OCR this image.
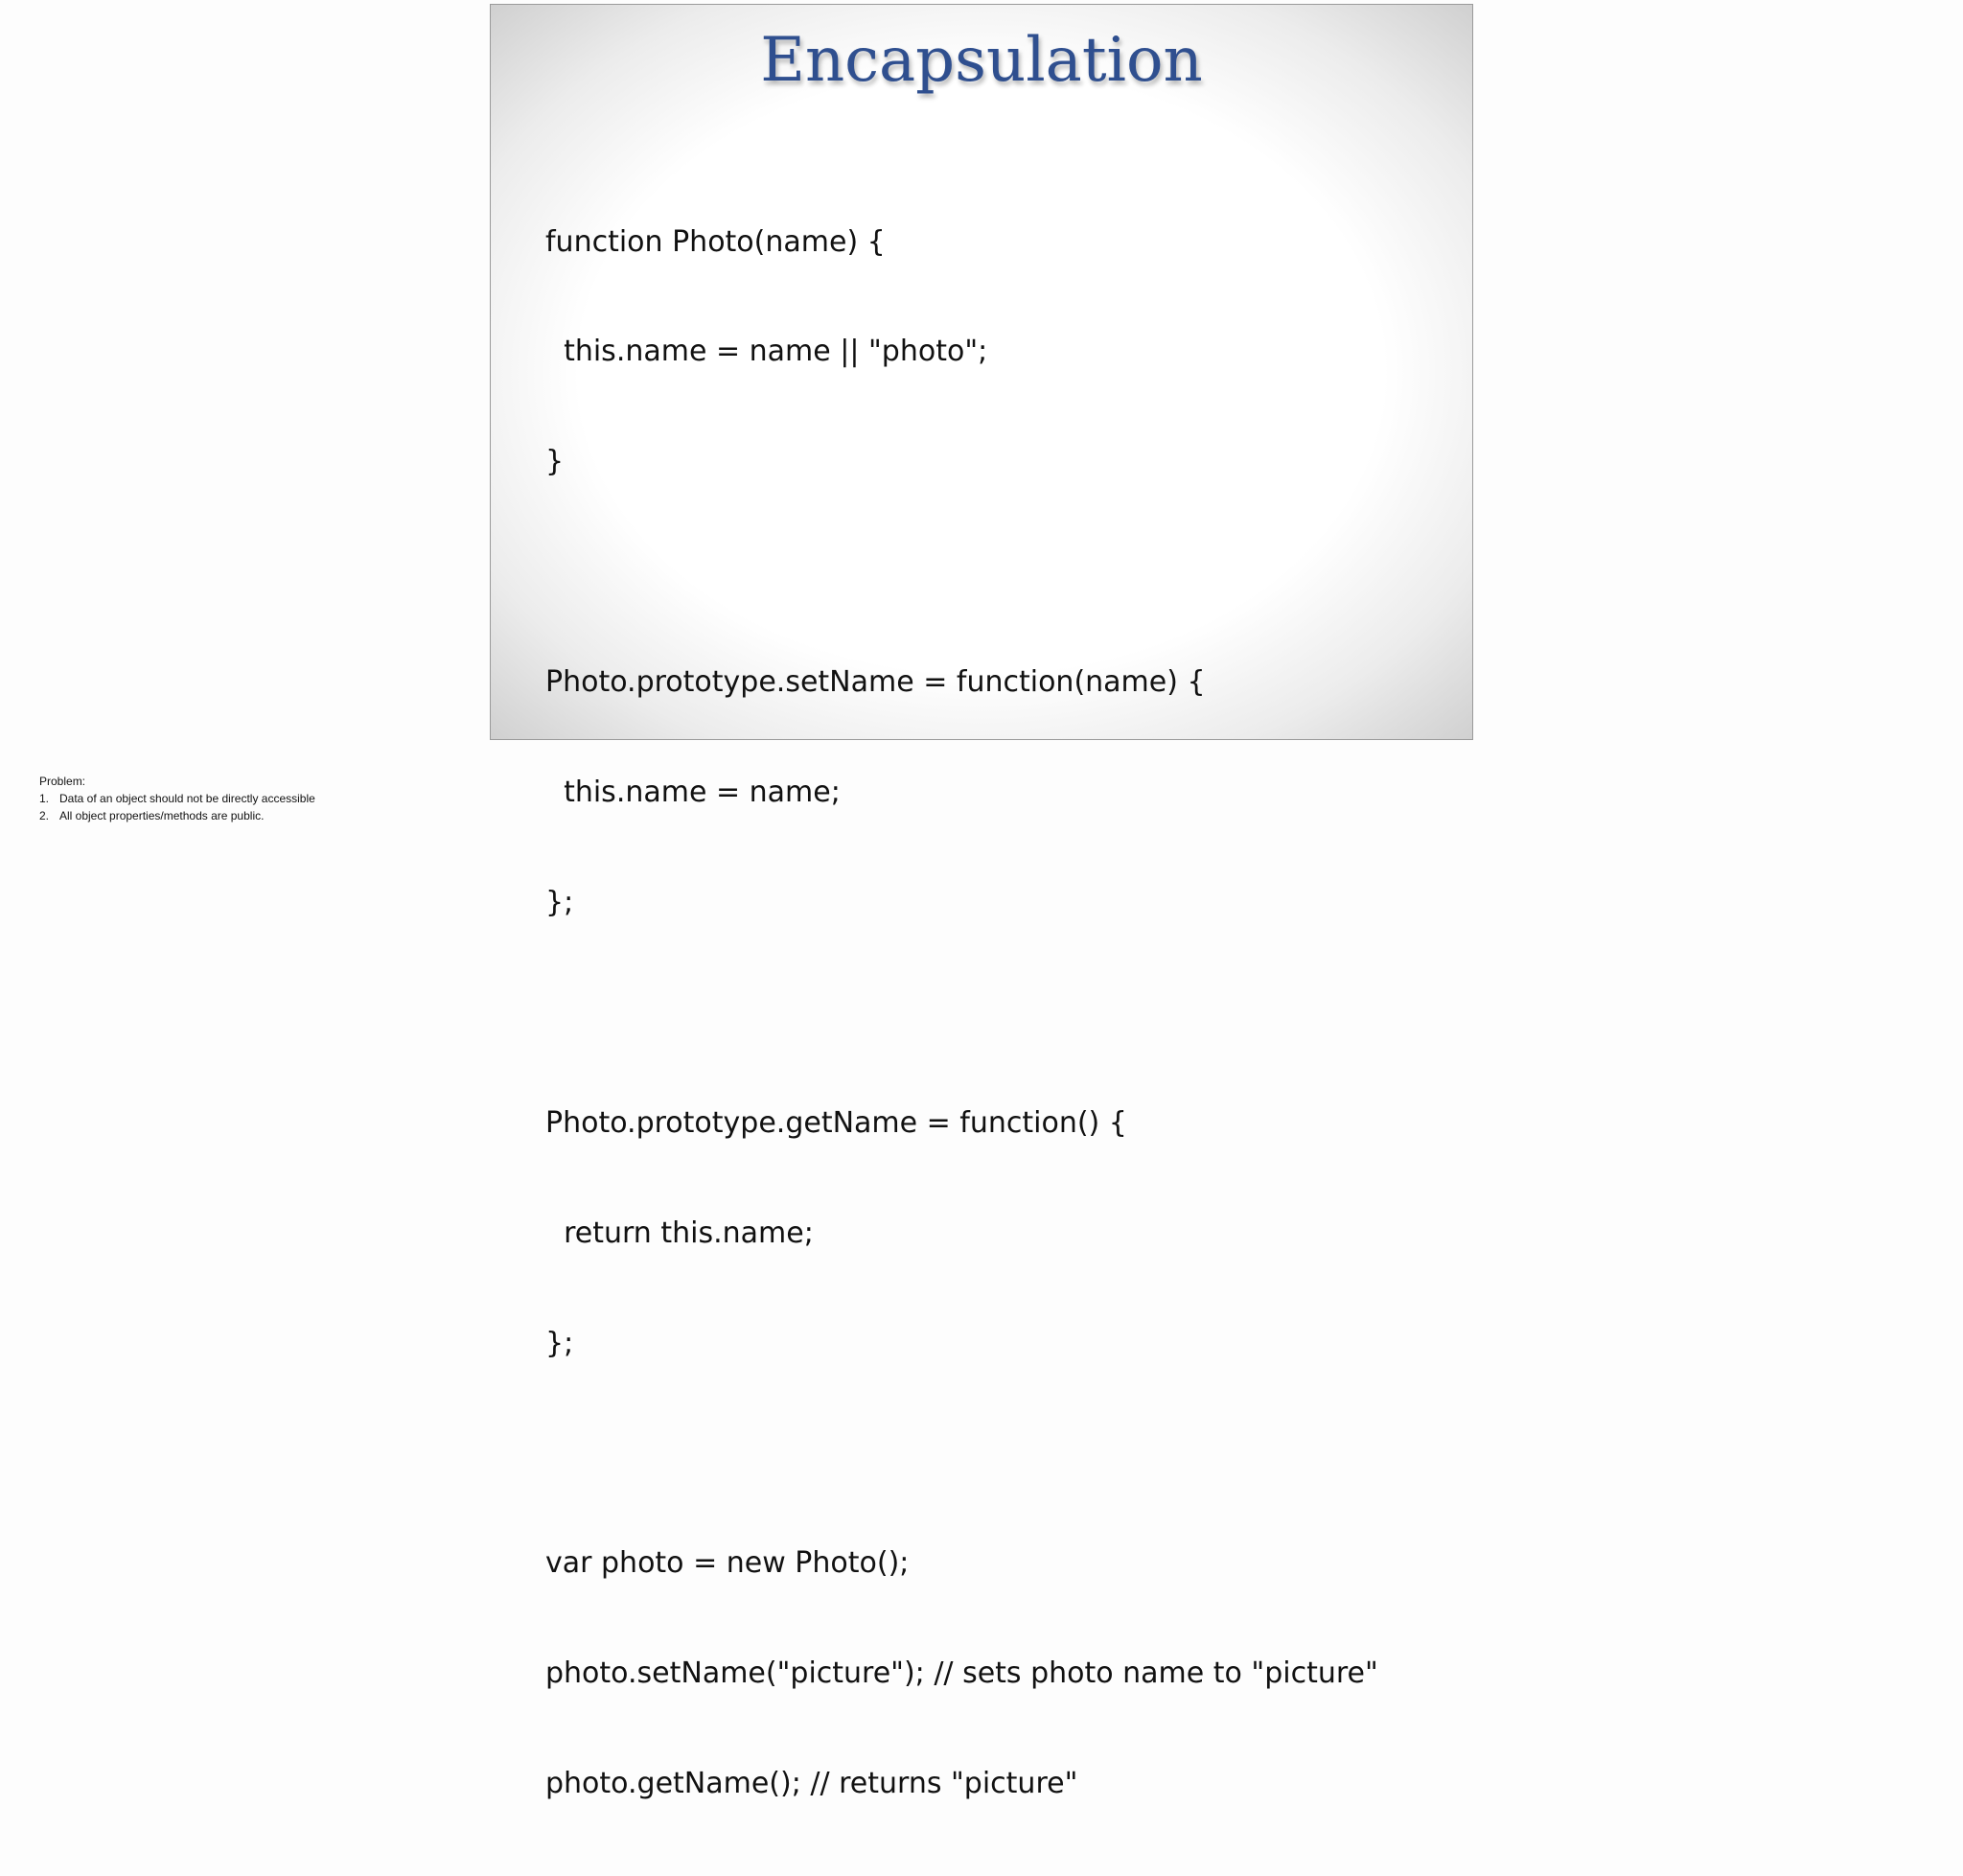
Encapsulation

function Photo(name) {

this.name = name || "photo";

}

Photo.prototype.setName = function(name) {

this.name = name;

};

Photo.prototype.getName = function() {

return this.name;

};

var photo = new Photo();

photo.setName("picture"); // sets photo name to "picture"

photo.getName(); // returns "picture"

Problem:
1. Data of an object should not be directly accessible
2. All object properties/methods are public.
